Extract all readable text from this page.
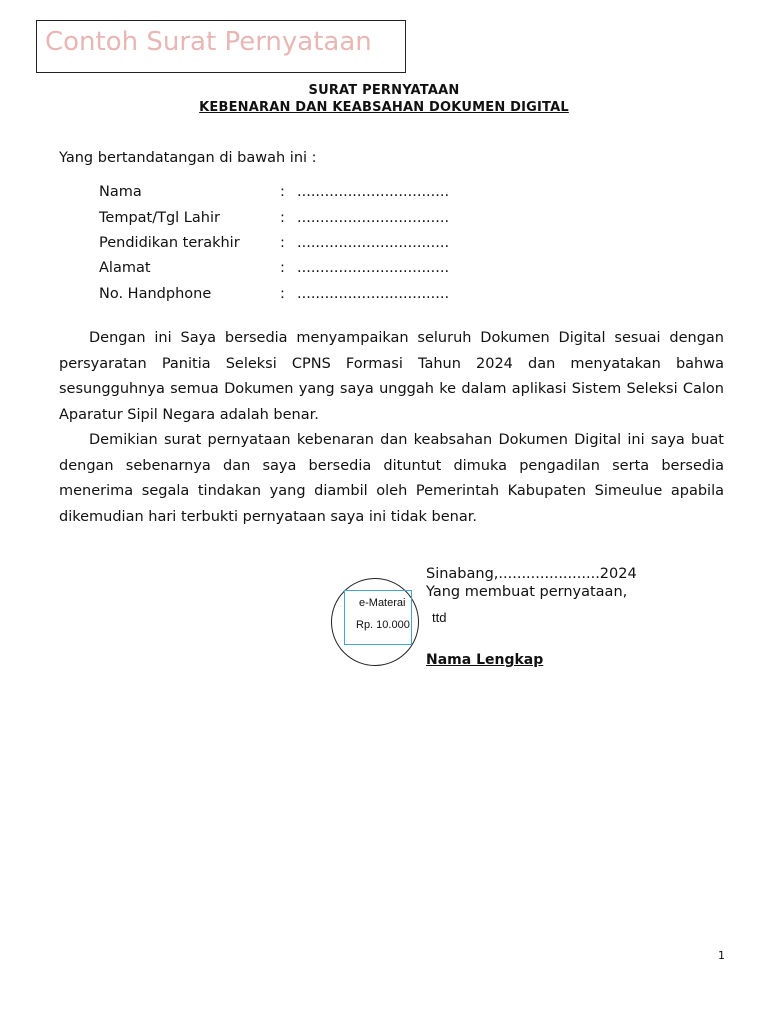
Contoh Surat Pernyataan
SURAT PERNYATAAN
KEBENARAN DAN KEABSAHAN DOKUMEN DIGITAL
Yang bertandatangan di bawah ini :
Nama	: .................................
Tempat/Tgl Lahir	: .................................
Pendidikan terakhir	: .................................
Alamat	: .................................
No. Handphone	: .................................
Dengan ini Saya bersedia menyampaikan seluruh Dokumen Digital sesuai dengan persyaratan Panitia Seleksi CPNS Formasi Tahun 2024 dan menyatakan bahwa sesungguhnya semua Dokumen yang saya unggah ke dalam aplikasi Sistem Seleksi Calon Aparatur Sipil Negara adalah benar.
Demikian surat pernyataan kebenaran dan keabsahan Dokumen Digital ini saya buat dengan sebenarnya dan saya bersedia dituntut dimuka pengadilan serta bersedia menerima segala tindakan yang diambil oleh Pemerintah Kabupaten Simeulue apabila dikemudian hari terbukti pernyataan saya ini tidak benar.
e-Materai
Rp. 10.000
Sinabang,......................2024
Yang membuat pernyataan,
ttd
Nama Lengkap
1
